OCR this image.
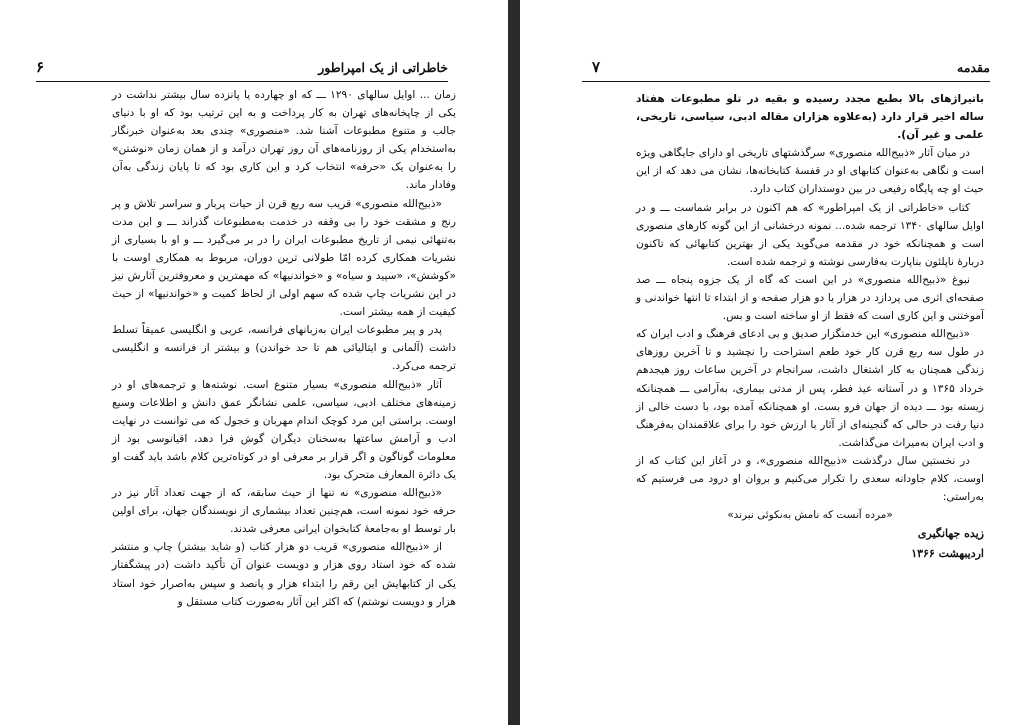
۶	خاطراتی از یک امپراطور

زمان ... اوایل سالهای ۱۲۹۰ ـــ که او چهارده یا پانزده سال بیشتر نداشت در یکی از چاپخانه‌های تهران به کار پرداخت و به این ترتیب بود که او با دنیای جالب و متنوع مطبوعات آشنا شد. «منصوری» چندی بعد به‌عنوان خبرنگار به‌استخدام یکی از روزنامه‌های آن روز تهران درآمد و از همان زمان «نوشتن» را به‌عنوان یک «حرفه» انتخاب کرد و این کاری بود که تا پایان زندگی به‌آن وفادار ماند.

«ذبیح‌الله منصوری» قریب سه ربع قرن از حیات پربار و سراسر تلاش و پر رنج و مشقت خود را بی وقفه در خدمت به‌مطبوعات گذراند ـــ و این مدت به‌تنهائی نیمی از تاریخ مطبوعات ایران را در بر می‌گیرد ـــ و او با بسیاری از نشریات همکاری کرده امّا طولانی ترین دوران، مربوط به همکاری اوست با «کوشش»، «سپید و سیاه» و «خواندنیها» که مهمترین و معروفترین آثارش نیز در این نشریات چاپ شده که سهم اولی از لحاظ کمیت و «خواندنیها» از حیث کیفیت از همه بیشتر است.

پدر و پیر مطبوعات ایران به‌زبانهای فرانسه، عربی و انگلیسی عمیقاً تسلط داشت (آلمانی و ایتالیائی هم تا حد خواندن) و بیشتر از فرانسه و انگلیسی ترجمه می‌کرد.

آثار «ذبیح‌الله منصوری» بسیار متنوع است. نوشته‌ها و ترجمه‌های او در زمینه‌های مختلف ادبی، سیاسی، علمی نشانگر عمق دانش و اطلاعات وسیع اوست. براستی این مرد کوچک اندام مهربان و خجول که می توانست در نهایت ادب و آرامش ساعتها به‌سخنان دیگران گوش فرا دهد، اقیانوسی بود از معلومات گوناگون و اگر قرار بر معرفی او در کوتاه‌ترین کلام باشد باید گفت او یک دائرة المعارف متحرک بود.

«ذبیح‌الله منصوری» نه تنها از حیث سابقه، که از جهت تعداد آثار نیز در حرفه خود نمونه است، هم‌چنین تعداد بیشماری از نویسندگان جهان، برای اولین بار توسط او به‌جامعهٔ کتابخوان ایرانی معرفی شدند.

از «ذبیح‌الله منصوری» قریب دو هزار کتاب (و شاید بیشتر) چاپ و منتشر شده که خود استاد روی هزار و دویست عنوان آن تأکید داشت (در پیشگفتار یکی از کتابهایش این رقم را ابتداء هزار و پانصد و سپس به‌اصرار خود استاد هزار و دویست نوشتم) که اکثر این آثار به‌صورت کتاب مستقل و

۷	مقدمه

باتیراژهای بالا بطبع مجدد رسیده و بقیه در تلو مطبوعات هفتاد ساله اخیر قرار دارد (به‌علاوه هزاران مقاله ادبی، سیاسی، تاریخی، علمی و غیر آن).

در میان آثار «ذبیح‌الله منصوری» سرگذشتهای تاریخی او دارای جایگاهی ویژه است و نگاهی به‌عنوان کتابهای او در قفسهٔ کتابخانه‌ها، نشان می دهد که از این حیث او چه پایگاه رفیعی در بین دوستداران کتاب دارد.

کتاب «خاطراتی از یک امپراطور» که هم اکنون در برابر شماست ـــ و در اوایل سالهای ۱۳۴۰ ترجمه شده... نمونه درخشانی از این گونه کارهای منصوری است و همچنانکه خود در مقدمه می‌گوید یکی از بهترین کتابهائی که تاکنون دربارهٔ ناپلئون بناپارت به‌فارسی نوشته و ترجمه شده است.

نبوغ «ذبیح‌الله منصوری» در این است که گاه از یک جزوه پنجاه ـــ صد صفحه‌ای اثری می پردازد در هزار یا دو هزار صفحه و از ابتداء تا انتها خواندنی و آموختنی و این کاری است که فقط از او ساخته است و بس.

«ذبیح‌الله منصوری» این خدمتگزار صدیق و بی ادعای فرهنگ و ادب ایران که در طول سه ربع قرن کار خود طعم استراحت را نچشید و تا آخرین روزهای زندگی همچنان به کار اشتغال داشت، سرانجام در آخرین ساعات روز هیجدهم خرداد ۱۳۶۵ و در آستانه عید فطر، پس از مدتی بیماری، به‌آرامی ـــ همچنانکه زیسته بود ـــ دیده از جهان فرو بست. او همچنانکه آمده بود، با دست خالی از دنیا رفت در حالی که گنجینه‌ای از آثار با ارزش خود را برای علاقمندان به‌فرهنگ و ادب ایران به‌میراث می‌گذاشت.

در نخستین سال درگذشت «ذبیح‌الله منصوری»، و در آغاز این کتاب که از اوست، کلام جاودانه سعدی را تکرار می‌کنیم و بروان او درود می فرستیم که به‌راستی:

«مرده آنست که نامش به‌نکوئی نبرند»

زیده جهانگیری

اردیبهشت ۱۳۶۶
